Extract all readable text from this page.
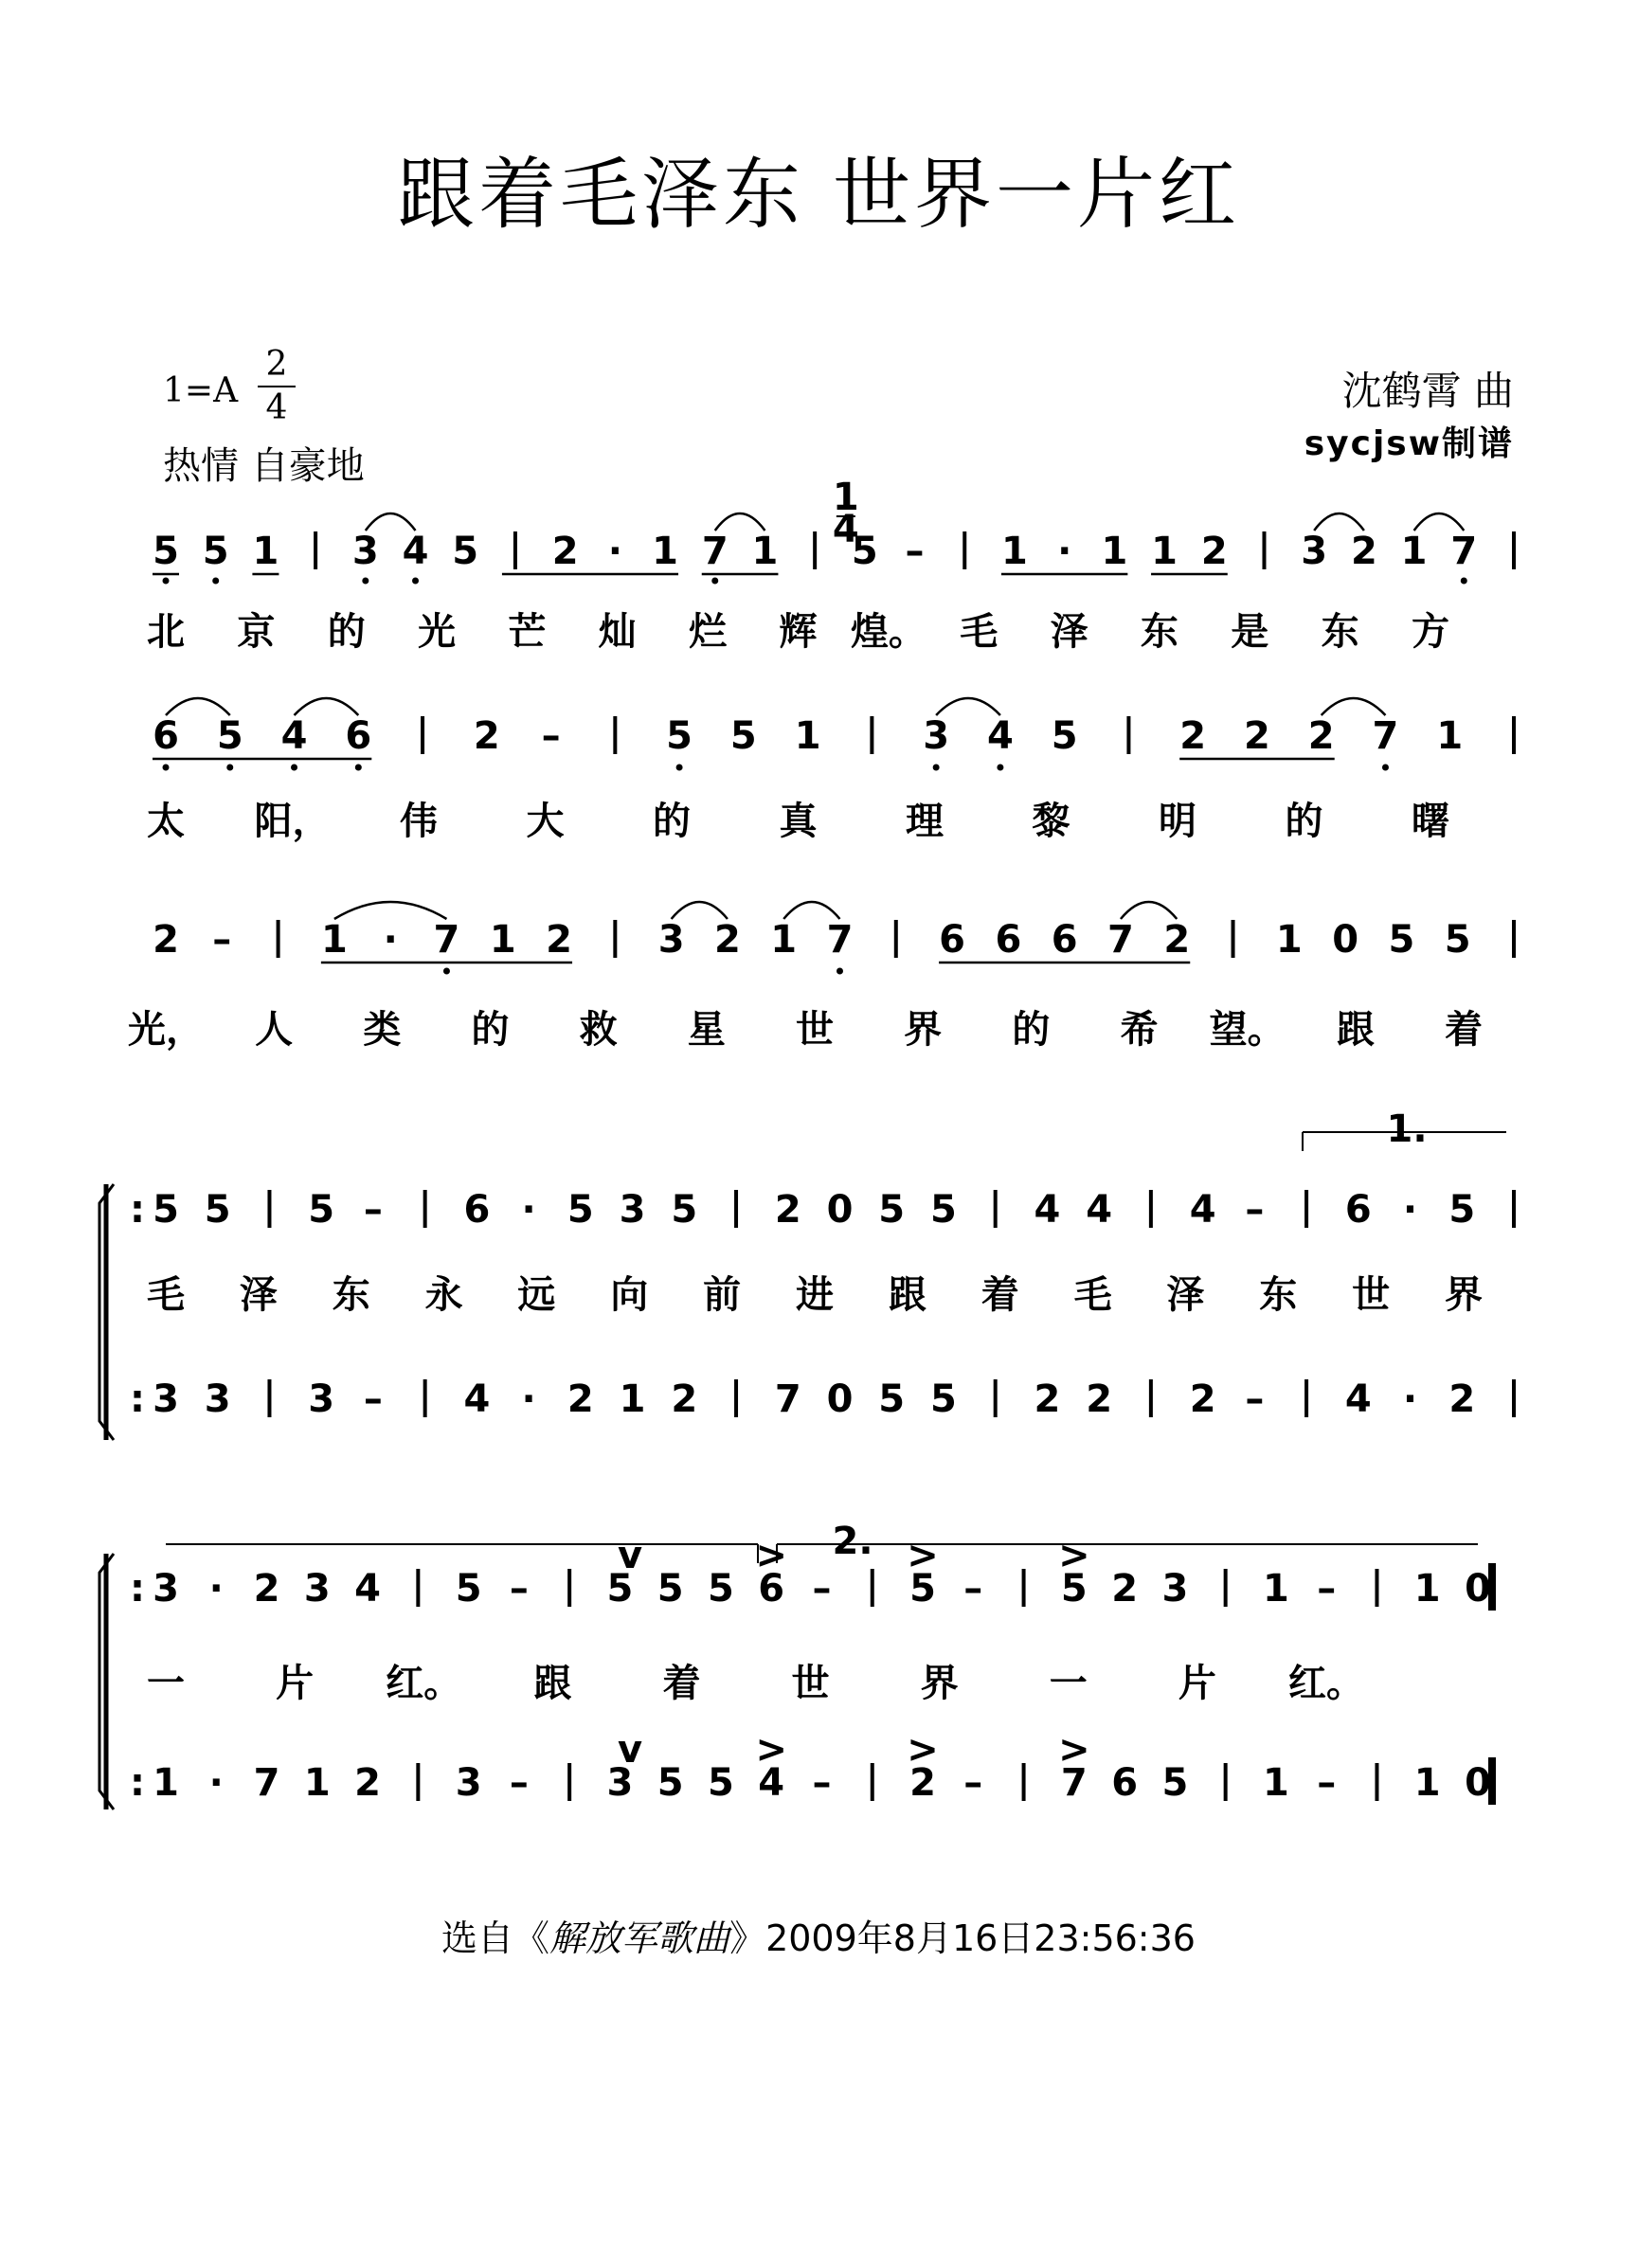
跟着毛泽东 世界一片红
1=A
2
4
热情 自豪地
沈鹤霄 曲
sycjsw制谱
5 5 1 3 4 5 2 · 1 7 1 5 – 1 · 1 1 2 3 2 1 7
1
4
北 京 的 光 芒 灿 烂 辉 煌。 毛 泽 东 是 东 方
6 5 4 6	2 –	5 5 1	3 4 5	2 2 2 7 1
太 阳， 伟 大 的 真 理 黎 明 的 曙
2 – 1 · 7 1 2 3 2 1 7 6 6 6 7 2 1 0 5 5
光， 人 类 的 救 星 世 界 的 希 望。 跟 着
5 5 5 – 6 · 5 3 5 2 0 5 5 4 4 4 – 6 · 5
毛 泽 东 永 远 向 前 进 跟 着 毛 泽 东 世 界
3 3 3 – 4 · 2 1 2 7 0 5 5 2 2 2 – 4 · 2
1.
3 · 2 3 4 5 – 5 5 5 6 – 5 – 5 2 3 1 – 1 0
一 片 红。 跟 着 世 界 一 片 红。
1 · 7 1 2 3 – 3 5 5 4 – 2 – 7 6 5 1 – 1 0
2.
v
v
>	>	>
>	>	>
:
:
:
:
选自《解放军歌曲》2009年8月16日23:56:36
